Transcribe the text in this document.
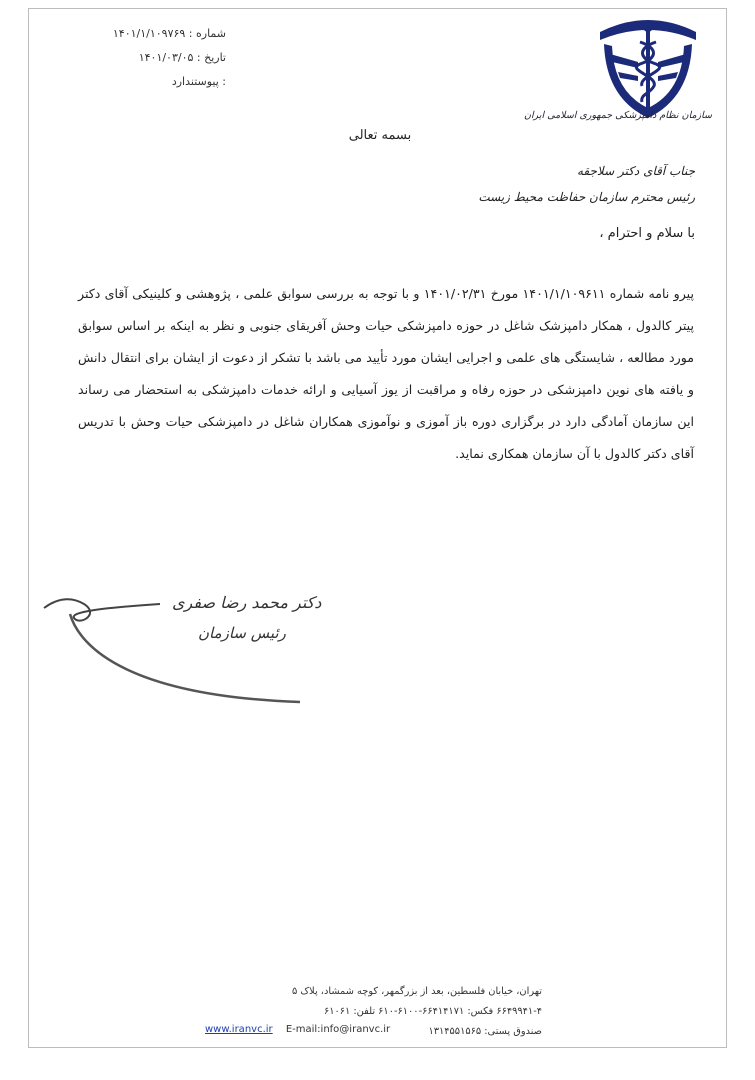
شماره : ۱۴۰۱/۱/۱۰۹۷۶۹
تاریخ : ۱۴۰۱/۰۳/۰۵
: پیوستندارد
سازمان نظام دامپزشکی جمهوری اسلامی ایران
بسمه تعالی
جناب آقای دکتر سلاجقه
رئیس محترم سازمان حفاظت محیط زیست
با سلام و احترام ،
پیرو نامه شماره ۱۴۰۱/۱/۱۰۹۶۱۱ مورخ ۱۴۰۱/۰۲/۳۱ و با توجه به بررسی سوابق علمی ، پژوهشی و کلینیکی آقای دکتر پیتر کالدول ، همکار دامپزشک شاغل در حوزه دامپزشکی حیات وحش آفریقای جنوبی و نظر به اینکه بر اساس سوابق مورد مطالعه ، شایستگی های علمی و اجرایی ایشان مورد تأیید می باشد با تشکر از دعوت از ایشان برای انتقال دانش و یافته های نوین دامپزشکی در حوزه رفاه و مراقبت از یوز آسیایی و ارائه خدمات دامپزشکی به استحضار می رساند این سازمان آمادگی دارد در برگزاری دوره باز آموزی و نوآموزی همکاران شاغل در دامپزشکی حیات وحش با تدریس آقای دکتر کالدول با آن سازمان همکاری نماید.
دکتر محمد رضا صفری
رئیس سازمان
تهران، خیابان فلسطین، بعد از بزرگمهر، کوچه شمشاد، پلاک ۵
۶۶۴۹۹۴۱-۴ فکس: ۶۶۴۱۴۱۷۱-۶۱۰۰-۶۱۰ تلفن: ۶۱۰۶۱
صندوق پستی: ۱۳۱۴۵۵۱۵۶۵
www.iranvc.ir E-mail:info@iranvc.ir
